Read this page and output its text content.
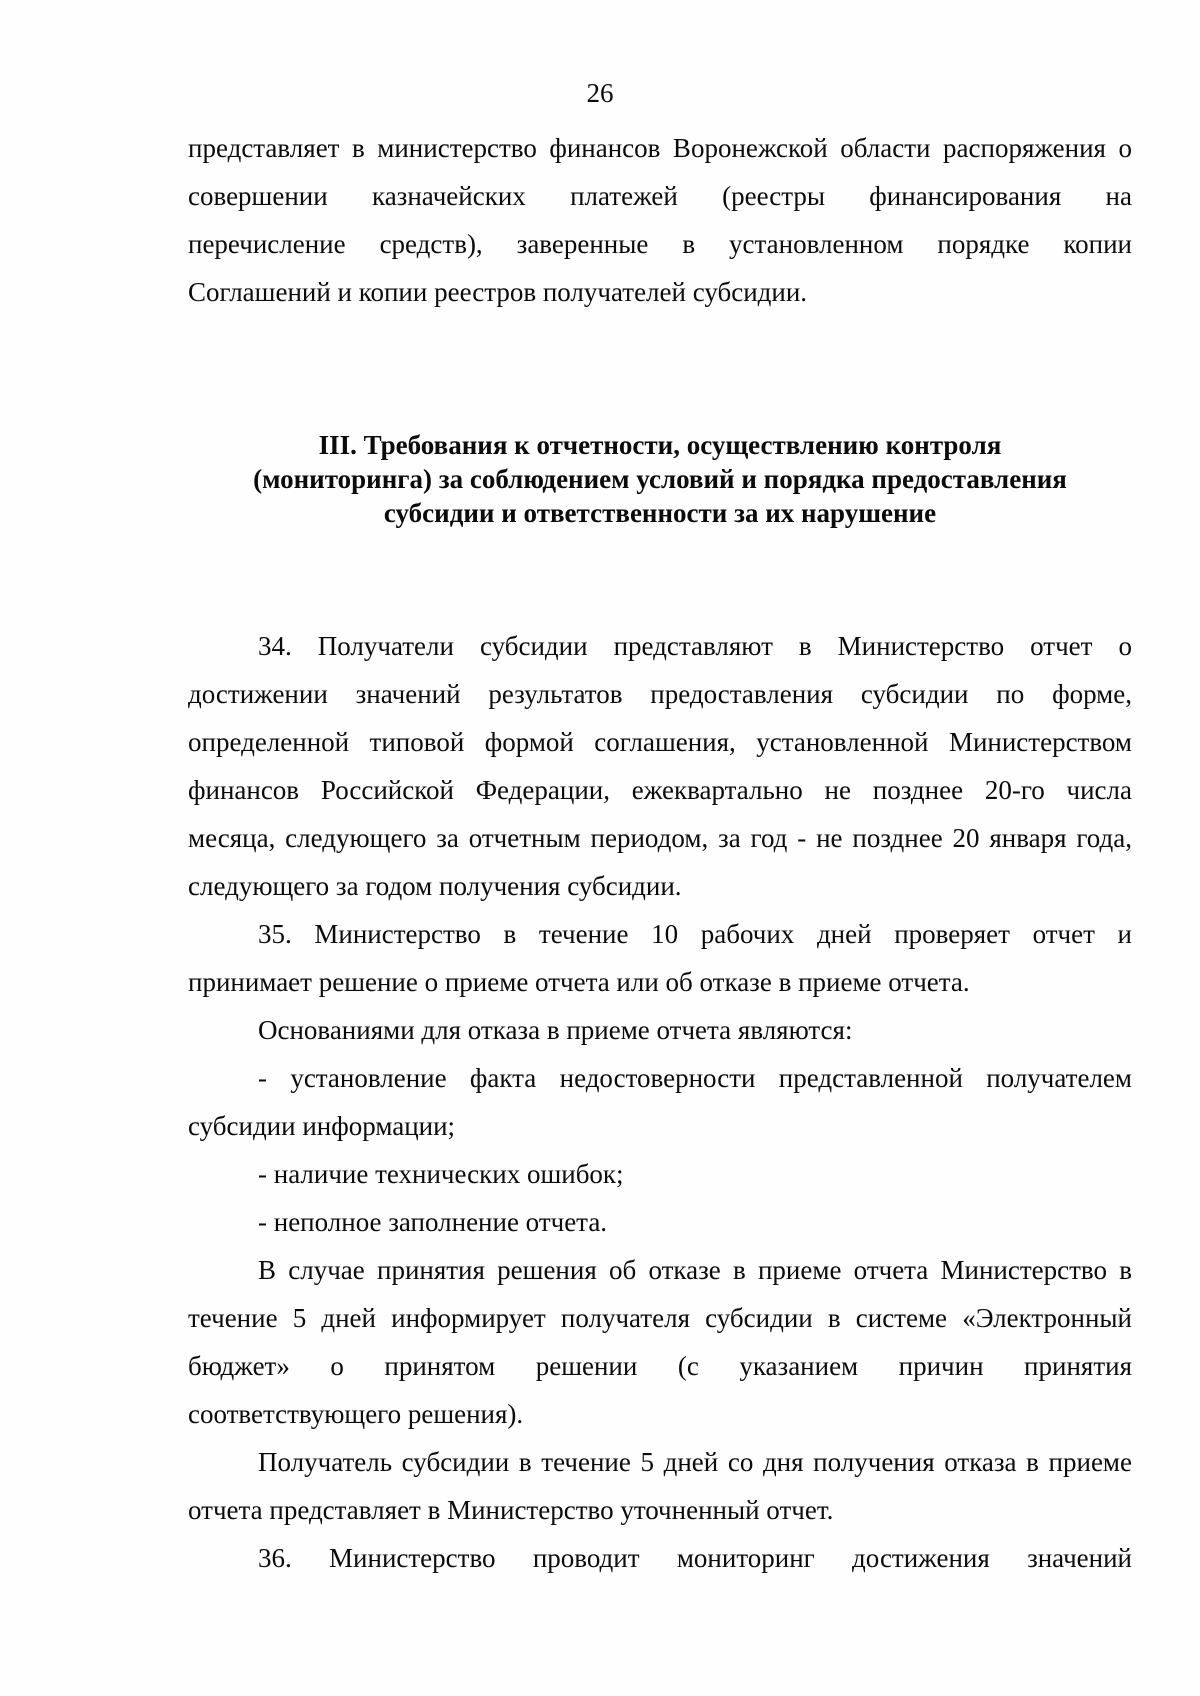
26
представляет в министерство финансов Воронежской области распоряжения о
совершении казначейских платежей (реестры финансирования на
перечисление средств), заверенные в установленном порядке копии
Соглашений и копии реестров получателей субсидии.
III. Требования к отчетности, осуществлению контроля
(мониторинга) за соблюдением условий и порядка предоставления
субсидии и ответственности за их нарушение
34. Получатели субсидии представляют в Министерство отчет о
достижении значений результатов предоставления субсидии по форме,
определенной типовой формой соглашения, установленной Министерством
финансов Российской Федерации, ежеквартально не позднее 20-го числа
месяца, следующего за отчетным периодом, за год - не позднее 20 января года,
следующего за годом получения субсидии.
35. Министерство в течение 10 рабочих дней проверяет отчет и
принимает решение о приеме отчета или об отказе в приеме отчета.
Основаниями для отказа в приеме отчета являются:
- установление факта недостоверности представленной получателем
субсидии информации;
- наличие технических ошибок;
- неполное заполнение отчета.
В случае принятия решения об отказе в приеме отчета Министерство в
течение 5 дней информирует получателя субсидии в системе «Электронный
бюджет» о принятом решении (с указанием причин принятия
соответствующего решения).
Получатель субсидии в течение 5 дней со дня получения отказа в приеме
отчета представляет в Министерство уточненный отчет.
36. Министерство проводит мониторинг достижения значений
